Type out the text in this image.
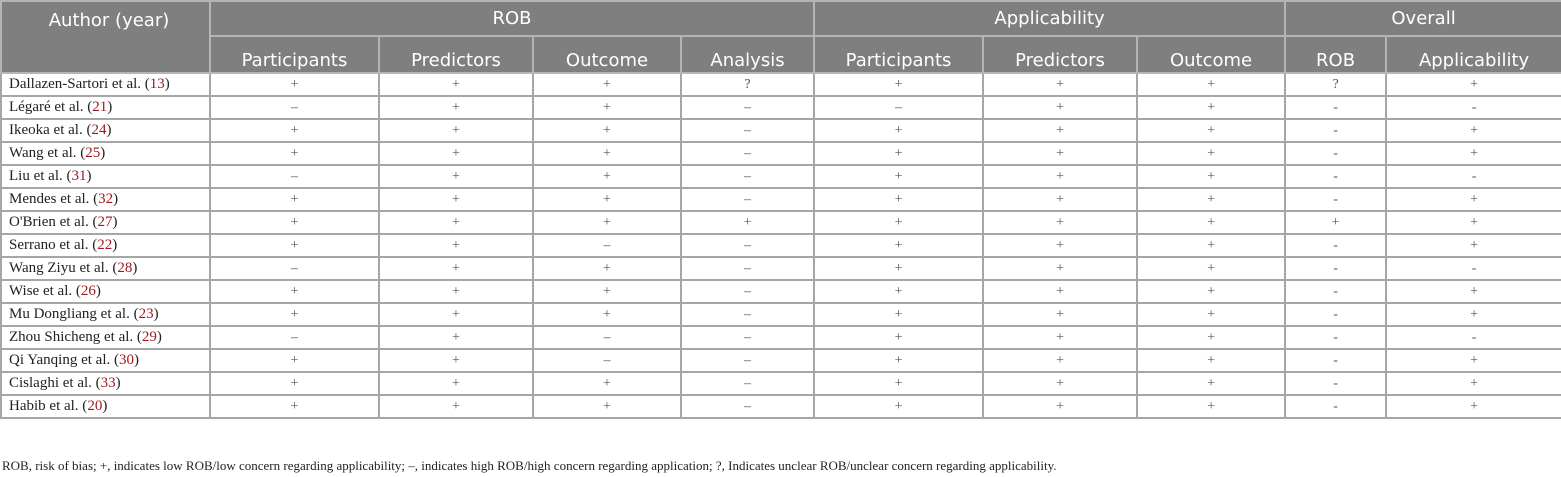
Author (year)	ROB				Applicability			Overall	
	Participants	Predictors	Outcome	Analysis	Participants	Predictors	Outcome	ROB	Applicability
Dallazen-Sartori et al. (13)	+	+	+	?	+	+	+	?	+
Légaré et al. (21)	–	+	+	–	–	+	+	-	-
Ikeoka et al. (24)	+	+	+	–	+	+	+	-	+
Wang et al. (25)	+	+	+	–	+	+	+	-	+
Liu et al. (31)	–	+	+	–	+	+	+	-	-
Mendes et al. (32)	+	+	+	–	+	+	+	-	+
O'Brien et al. (27)	+	+	+	+	+	+	+	+	+
Serrano et al. (22)	+	+	–	–	+	+	+	-	+
Wang Ziyu et al. (28)	–	+	+	–	+	+	+	-	-
Wise et al. (26)	+	+	+	–	+	+	+	-	+
Mu Dongliang et al. (23)	+	+	+	–	+	+	+	-	+
Zhou Shicheng et al. (29)	–	+	–	–	+	+	+	-	-
Qi Yanqing et al. (30)	+	+	–	–	+	+	+	-	+
Cislaghi et al. (33)	+	+	+	–	+	+	+	-	+
Habib et al. (20)	+	+	+	–	+	+	+	-	+
ROB, risk of bias; +, indicates low ROB/low concern regarding applicability; –, indicates high ROB/high concern regarding application; ?, Indicates unclear ROB/unclear concern regarding applicability.
